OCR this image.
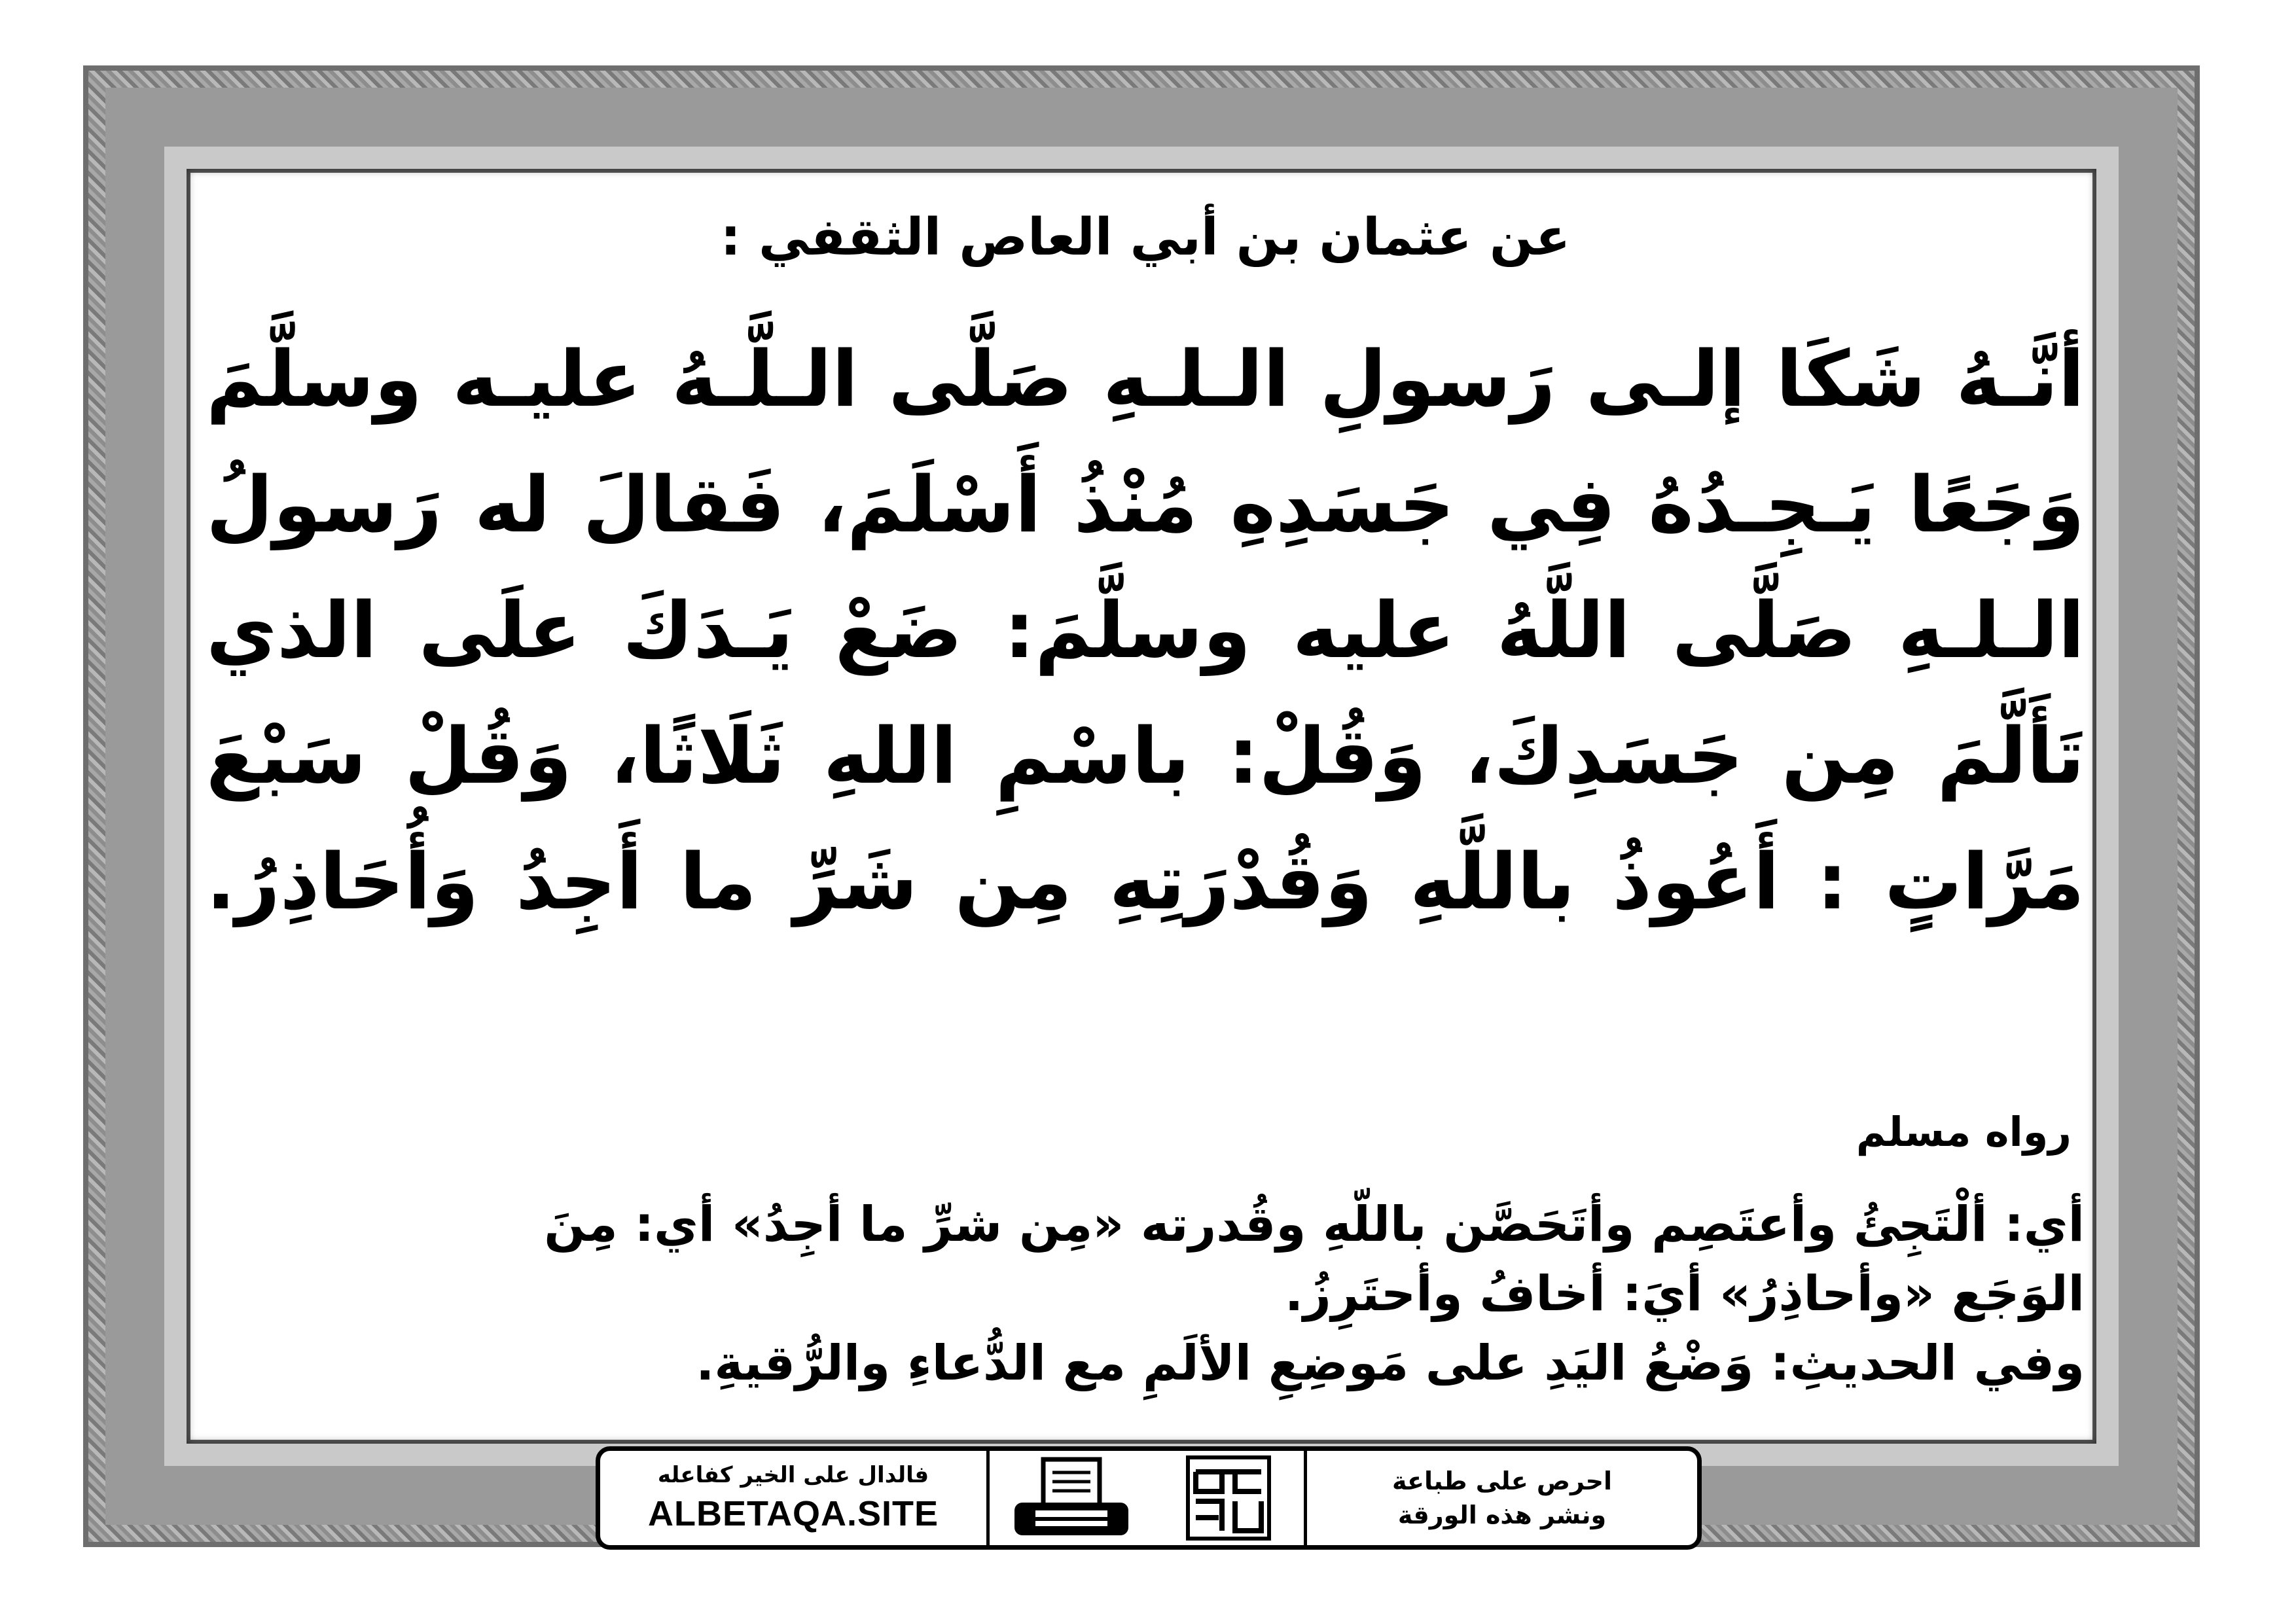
عن عثمان بن أبي العاص الثقفي :
أنَّـهُ شَكَا إلـى رَسولِ الـلـهِ صَلَّى الـلَّـهُ عليـه وسلَّمَ
وَجَعًا يَـجِـدُهُ فِي جَسَدِهِ مُنْذُ أَسْلَمَ، فَقالَ له رَسولُ
الـلـهِ صَلَّى اللَّهُ عليه وسلَّمَ: ضَعْ يَـدَكَ علَى الذي
تَأَلَّمَ مِن جَسَدِكَ، وَقُلْ: باسْمِ اللهِ ثَلَاثًا، وَقُلْ سَبْعَ
مَرَّاتٍ : أَعُوذُ باللَّهِ وَقُدْرَتِهِ مِن شَرِّ ما أَجِدُ وَأُحَاذِرُ.
رواه مسلم
أي: ألْتَجِئُ وأعتَصِم وأتَحَصَّن باللّهِ وقُدرته «مِن شرِّ ما أجِدُ» أي: مِنَ
الوَجَع «وأحاذِرُ» أيَ: أخافُ وأحتَرِزُ.
وفي الحديثِ: وَضْعُ اليَدِ على مَوضِعِ الألَمِ مع الدُّعاءِ والرُّقيةِ.
فالدال على الخير كفاعله
ALBETAQA.SITE
احرص على طباعة
ونشر هذه الورقة
